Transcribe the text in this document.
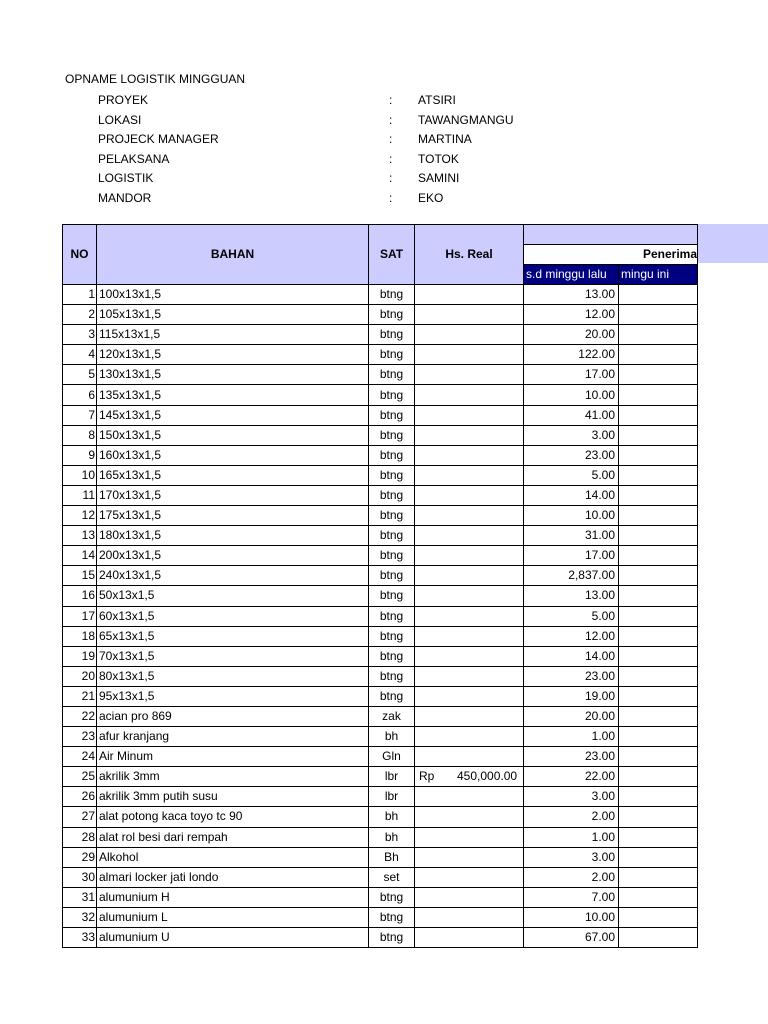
OPNAME LOGISTIK MINGGUAN
PROYEK	: ATSIRI
LOKASI	: TAWANGMANGU
PROJECK MANAGER	: MARTINA
PELAKSANA	: TOTOK
LOGISTIK	: SAMINI
MANDOR	: EKO
NO	BAHAN	SAT	Hs. Real		
				Penerima	
				s.d minggu lalu	mingu ini
1	100x13x1,5	btng		13.00	
2	105x13x1,5	btng		12.00	
3	115x13x1,5	btng		20.00	
4	120x13x1,5	btng		122.00	
5	130x13x1,5	btng		17.00	
6	135x13x1,5	btng		10.00	
7	145x13x1,5	btng		41.00	
8	150x13x1,5	btng		3.00	
9	160x13x1,5	btng		23.00	
10	165x13x1,5	btng		5.00	
11	170x13x1,5	btng		14.00	
12	175x13x1,5	btng		10.00	
13	180x13x1,5	btng		31.00	
14	200x13x1,5	btng		17.00	
15	240x13x1,5	btng		2,837.00	
16	50x13x1,5	btng		13.00	
17	60x13x1,5	btng		5.00	
18	65x13x1,5	btng		12.00	
19	70x13x1,5	btng		14.00	
20	80x13x1,5	btng		23.00	
21	95x13x1,5	btng		19.00	
22	acian pro 869	zak		20.00	
23	afur kranjang	bh		1.00	
24	Air Minum	Gln		23.00	
25	akrilik 3mm	lbr	Rp 450,000.00	22.00	
26	akrilik 3mm putih susu	lbr		3.00	
27	alat potong kaca toyo tc 90	bh		2.00	
28	alat rol besi dari rempah	bh		1.00	
29	Alkohol	Bh		3.00	
30	almari locker jati londo	set		2.00	
31	alumunium H	btng		7.00	
32	alumunium L	btng		10.00	
33	alumunium U	btng		67.00	
